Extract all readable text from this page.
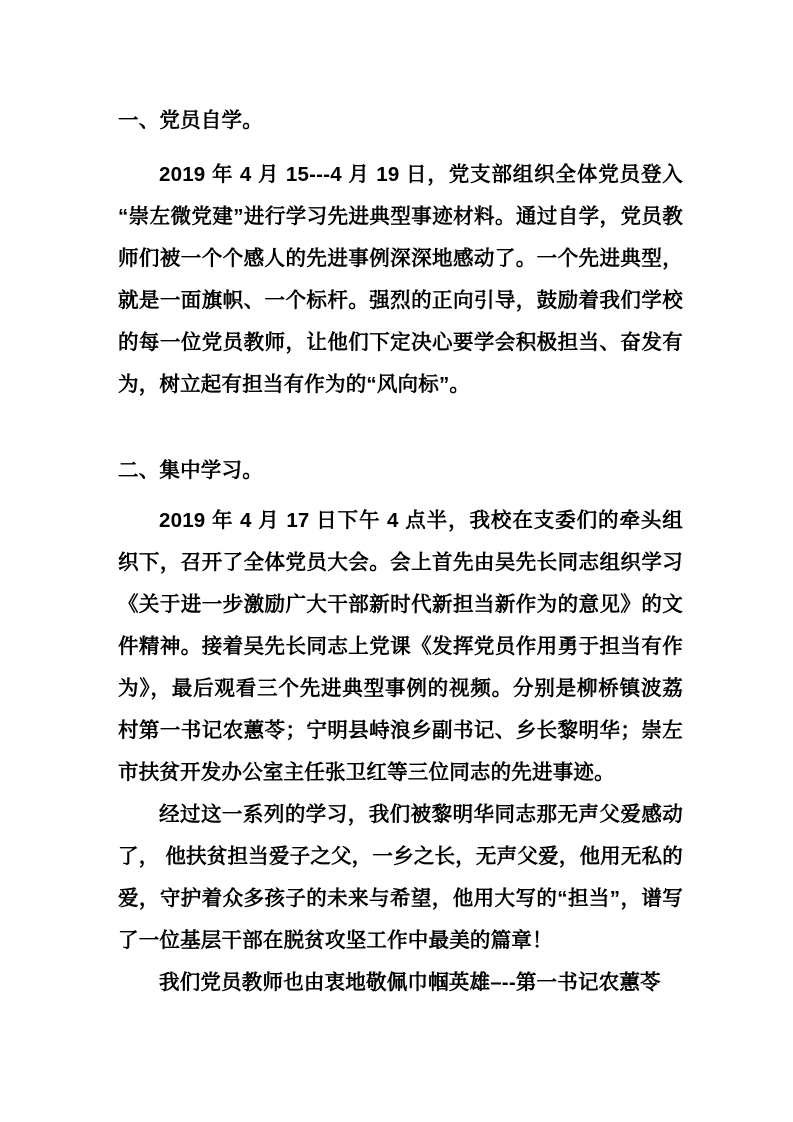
一、党员自学。

2019 年 4 月 15---4 月 19 日，党支部组织全体党员登入“崇左微党建”进行学习先进典型事迹材料。通过自学，党员教师们被一个个感人的先进事例深深地感动了。一个先进典型，就是一面旗帜、一个标杆。强烈的正向引导，鼓励着我们学校的每一位党员教师，让他们下定决心要学会积极担当、奋发有为，树立起有担当有作为的“风向标”。

二、集中学习。

2019 年 4 月 17 日下午 4 点半，我校在支委们的牵头组织下，召开了全体党员大会。会上首先由吴先长同志组织学习《关于进一步激励广大干部新时代新担当新作为的意见》的文件精神。接着吴先长同志上党课《发挥党员作用勇于担当有作为》，最后观看三个先进典型事例的视频。分别是柳桥镇波荔村第一书记农蕙苓；宁明县峙浪乡副书记、乡长黎明华；崇左市扶贫开发办公室主任张卫红等三位同志的先进事迹。

经过这一系列的学习，我们被黎明华同志那无声父爱感动了， 他扶贫担当爱子之父，一乡之长，无声父爱，他用无私的爱，守护着众多孩子的未来与希望，他用大写的“担当”，谱写了一位基层干部在脱贫攻坚工作中最美的篇章！

我们党员教师也由衷地敬佩巾帼英雄–--第一书记农蕙苓
